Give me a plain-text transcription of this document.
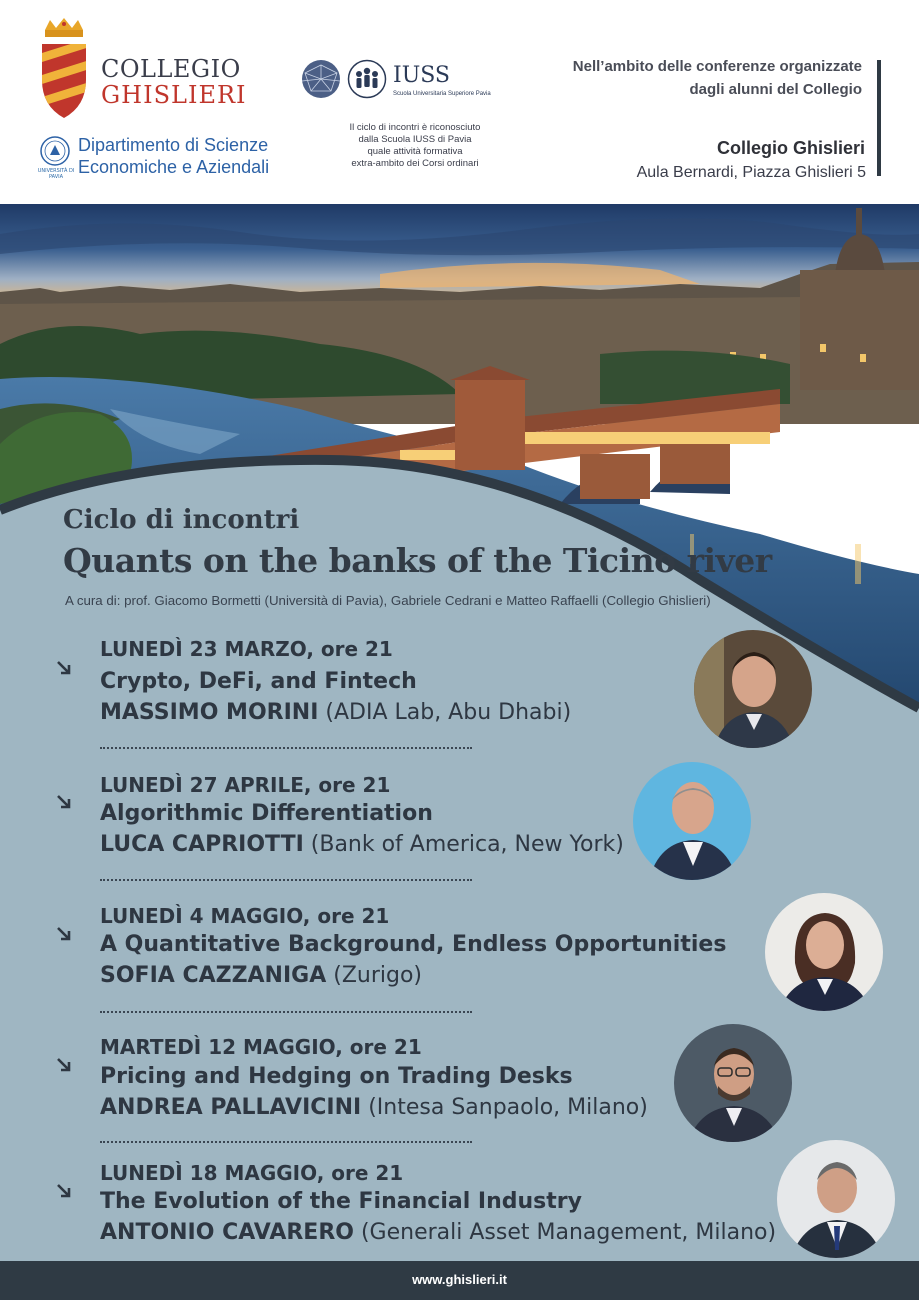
COLLEGIO
GHISLIERI
UNIVERSITÀ DI PAVIA
Dipartimento di Scienze
Economiche e Aziendali
IUSS
Scuola Universitaria Superiore Pavia
Il ciclo di incontri è riconosciuto
dalla Scuola IUSS di Pavia
quale attività formativa
extra-ambito dei Corsi ordinari
Nell’ambito delle conferenze organizzate
dagli alunni del Collegio
Collegio Ghislieri
Aula Bernardi, Piazza Ghislieri 5
Ciclo di incontri
Quants on the banks of the Ticino river
A cura di: prof. Giacomo Bormetti (Università di Pavia), Gabriele Cedrani e Matteo Raffaelli (Collegio Ghislieri)
LUNEDÌ 23 MARZO, ore 21
Crypto, DeFi, and Fintech
MASSIMO MORINI (ADIA Lab, Abu Dhabi)
LUNEDÌ 27 APRILE, ore 21
Algorithmic Differentiation
LUCA CAPRIOTTI (Bank of America, New York)
LUNEDÌ 4 MAGGIO, ore 21
A Quantitative Background, Endless Opportunities
SOFIA CAZZANIGA (Zurigo)
MARTEDÌ 12 MAGGIO, ore 21
Pricing and Hedging on Trading Desks
ANDREA PALLAVICINI (Intesa Sanpaolo, Milano)
LUNEDÌ 18 MAGGIO, ore 21
The Evolution of the Financial Industry
ANTONIO CAVARERO (Generali Asset Management, Milano)
www.ghislieri.it
